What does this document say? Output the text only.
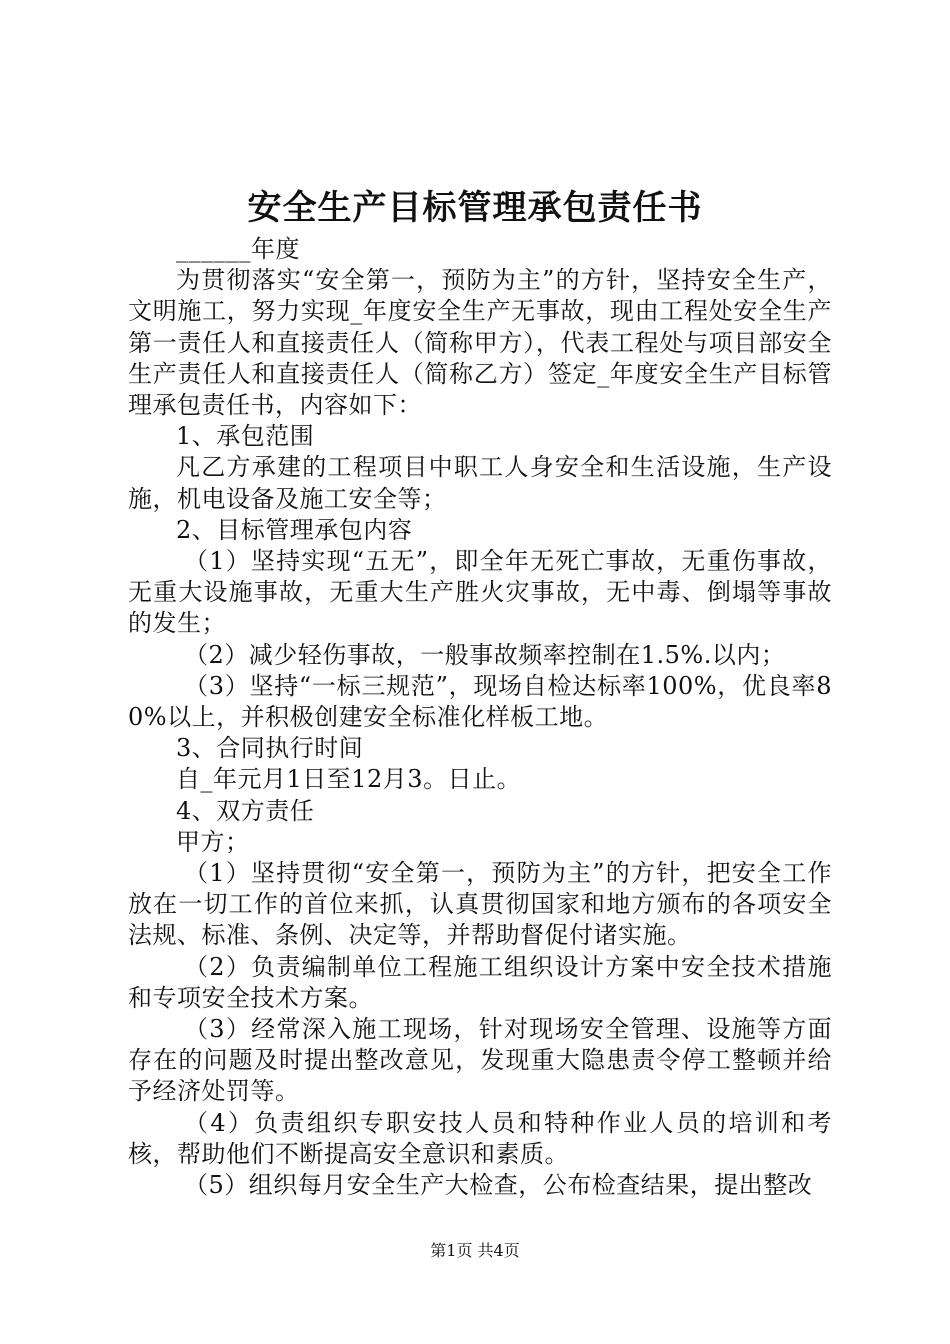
安全生产目标管理承包责任书

______年度

为贯彻落实“安全第一，预防为主”的方针，坚持安全生产，文明施工，努力实现_年度安全生产无事故，现由工程处安全生产第一责任人和直接责任人（简称甲方），代表工程处与项目部安全生产责任人和直接责任人（简称乙方）签定_年度安全生产目标管理承包责任书，内容如下：

1、承包范围

凡乙方承建的工程项目中职工人身安全和生活设施，生产设施，机电设备及施工安全等；

2、目标管理承包内容

（1）坚持实现“五无”，即全年无死亡事故，无重伤事故，无重大设施事故，无重大生产胜火灾事故，无中毒、倒塌等事故的发生；

（2）减少轻伤事故，一般事故频率控制在1.5%.以内；

（3）坚持“一标三规范”，现场自检达标率100%，优良率80%以上，并积极创建安全标准化样板工地。

3、合同执行时间

自_年元月1日至12月3。日止。

4、双方责任

甲方；

（1）坚持贯彻“安全第一，预防为主”的方针，把安全工作放在一切工作的首位来抓，认真贯彻国家和地方颁布的各项安全法规、标准、条例、决定等，并帮助督促付诸实施。

（2）负责编制单位工程施工组织设计方案中安全技术措施和专项安全技术方案。

（3）经常深入施工现场，针对现场安全管理、设施等方面存在的问题及时提出整改意见，发现重大隐患责令停工整顿并给予经济处罚等。

（4）负责组织专职安技人员和特种作业人员的培训和考核，帮助他们不断提高安全意识和素质。

（5）组织每月安全生产大检查，公布检查结果，提出整改

第1页 共4页
